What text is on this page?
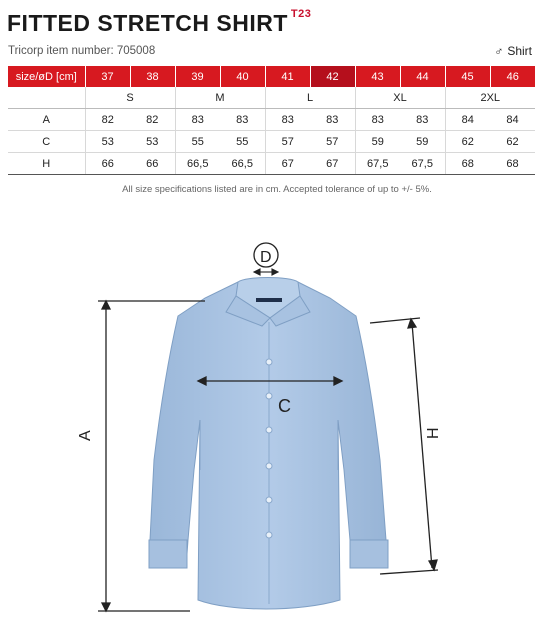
FITTED STRETCH SHIRT $^{T23}$
Tricorp item number: 705008	♂ Shirt
size/øD [cm]	37	38	39	40	41	42	43	44	45	46
	S		M		L		XL		2XL	
A	82	82	83	83	83	83	83	83	84	84
C	53	53	55	55	57	57	59	59	62	62
H	66	66	66,5	66,5	67	67	67,5	67,5	68	68
All size specifications listed are in cm. Accepted tolerance of up to +/- 5%.
A
C
D
H
